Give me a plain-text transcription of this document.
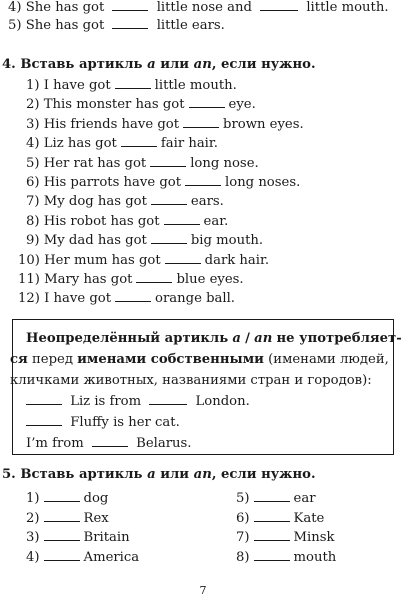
4) She has got	little nose and	little mouth.
5) She has got	little ears.
4. Вставь артикль a или an, если нужно.
1) I have got	little mouth.
2) This monster has got	eye.
3) His friends have got	brown eyes.
4) Liz has got	fair hair.
5) Her rat has got	long nose.
6) His parrots have got	long noses.
7) My dog has got	ears.
8) His robot has got	ear.
9) My dad has got	big mouth.
10) Her mum has got	dark hair.
11) Mary has got	blue eyes.
12) I have got	orange ball.
Неопределённый артикль a / an не употребляет-
ся перед именами собственными (именами людей,
кличками животных, названиями стран и городов):
Liz is from	London.
Fluffy is her cat.
I’m from	Belarus.
5. Вставь артикль a или an, если нужно.
1)	dog
2)	Rex
3)	Britain
4)	America
5)	ear
6)	Kate
7)	Minsk
8)	mouth
7
